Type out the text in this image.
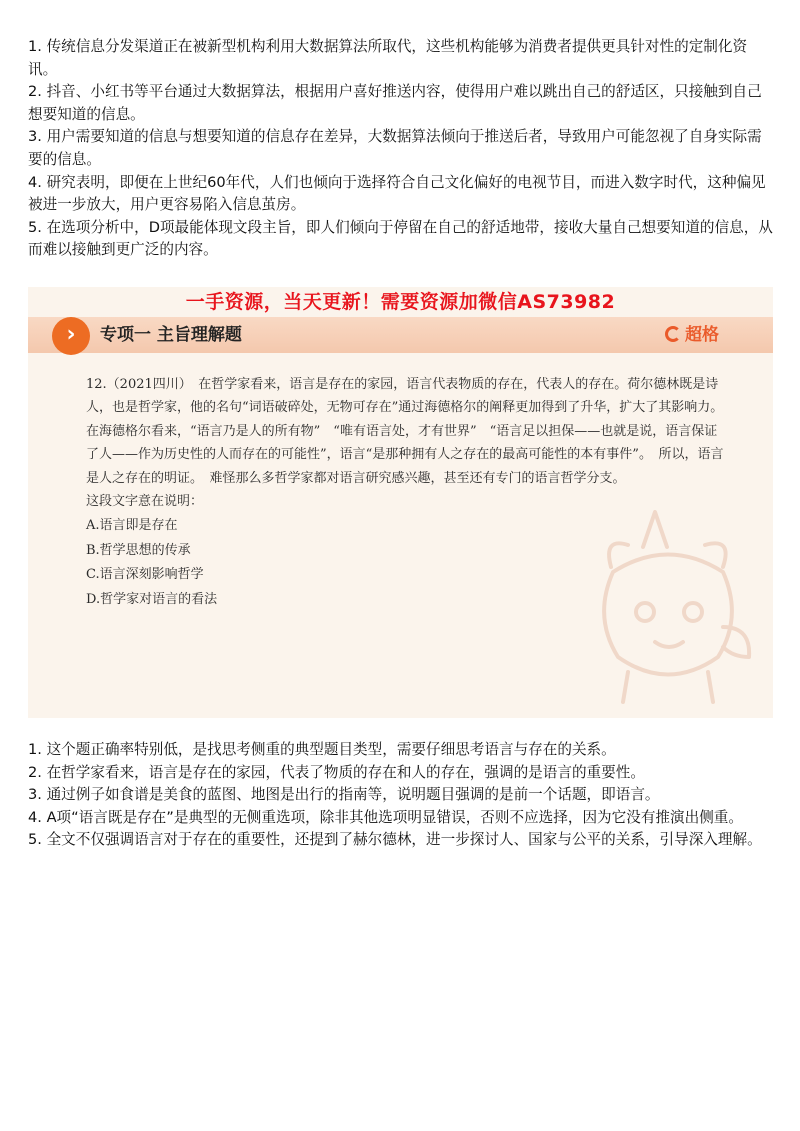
1. 传统信息分发渠道正在被新型机构利用大数据算法所取代，这些机构能够为消费者提供更具针对性的定制化资讯。

2. 抖音、小红书等平台通过大数据算法，根据用户喜好推送内容，使得用户难以跳出自己的舒适区，只接触到自己想要知道的信息。

3. 用户需要知道的信息与想要知道的信息存在差异，大数据算法倾向于推送后者，导致用户可能忽视了自身实际需要的信息。

4. 研究表明，即便在上世纪60年代，人们也倾向于选择符合自己文化偏好的电视节目，而进入数字时代，这种偏见被进一步放大，用户更容易陷入信息茧房。

5. 在选项分析中，D项最能体现文段主旨，即人们倾向于停留在自己的舒适地带，接收大量自己想要知道的信息，从而难以接触到更广泛的内容。

一手资源，当天更新！需要资源加微信AS73982
专项一 主旨理解题	超格
›

12.（2021四川）　在哲学家看来，语言是存在的家园，语言代表物质的存在，代表人的存在。荷尔德林既是诗人，也是哲学家，他的名句“词语破碎处，无物可存在”通过海德格尔的阐释更加得到了升华，扩大了其影响力。　在海德格尔看来，“语言乃是人的所有物”　“唯有语言处，才有世界”　“语言足以担保——也就是说，语言保证了人——作为历史性的人而存在的可能性”，语言“是那种拥有人之存在的最高可能性的本有事件”。　所以，语言是人之存在的明证。　难怪那么多哲学家都对语言研究感兴趣，甚至还有专门的语言哲学分支。

这段文字意在说明：

A.语言即是存在

B.哲学思想的传承

C.语言深刻影响哲学

D.哲学家对语言的看法

1. 这个题正确率特别低，是找思考侧重的典型题目类型，需要仔细思考语言与存在的关系。

2. 在哲学家看来，语言是存在的家园，代表了物质的存在和人的存在，强调的是语言的重要性。

3. 通过例子如食谱是美食的蓝图、地图是出行的指南等，说明题目强调的是前一个话题，即语言。

4. A项“语言既是存在”是典型的无侧重选项，除非其他选项明显错误，否则不应选择，因为它没有推演出侧重。

5. 全文不仅强调语言对于存在的重要性，还提到了赫尔德林，进一步探讨人、国家与公平的关系，引导深入理解。
